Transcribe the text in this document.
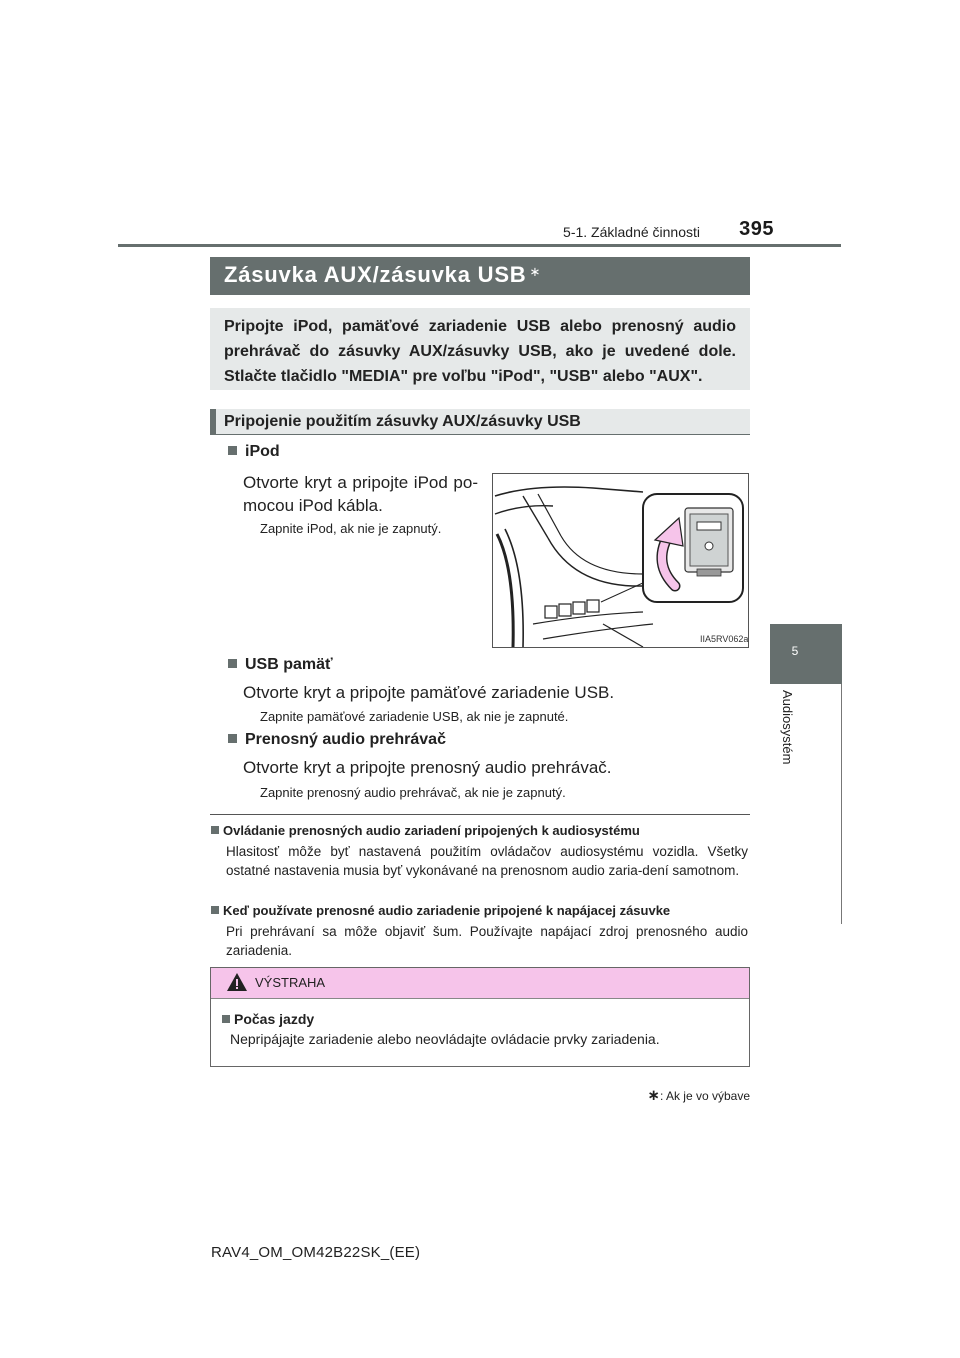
5-1. Základné činnosti	395
5
Audiosystém
Zásuvka AUX/zásuvka USB ∗
Pripojte iPod, pamäťové zariadenie USB alebo prenosný audio prehrávač do zásuvky AUX/zásuvky USB, ako je uvedené dole. Stlačte tlačidlo "MEDIA" pre voľbu "iPod", "USB" alebo "AUX".
Pripojenie použitím zásuvky AUX/zásuvky USB
iPod
Otvorte kryt a pripojte iPod po-
mocou iPod kábla.
Zapnite iPod, ak nie je zapnutý.
IIA5RV062a
USB pamäť
Otvorte kryt a pripojte pamäťové zariadenie USB.
Zapnite pamäťové zariadenie USB, ak nie je zapnuté.
Prenosný audio prehrávač
Otvorte kryt a pripojte prenosný audio prehrávač.
Zapnite prenosný audio prehrávač, ak nie je zapnutý.
Ovládanie prenosných audio zariadení pripojených k audiosystému
Hlasitosť môže byť nastavená použitím ovládačov audiosystému vozidla. Všetky ostatné nastavenia musia byť vykonávané na prenosnom audio zaria-dení samotnom.
Keď používate prenosné audio zariadenie pripojené k napájacej zásuvke
Pri prehrávaní sa môže objaviť šum. Používajte napájací zdroj prenosného audio zariadenia.
VÝSTRAHA
Počas jazdy
Nepripájajte zariadenie alebo neovládajte ovládacie prvky zariadenia.
∗: Ak je vo výbave
RAV4_OM_OM42B22SK_(EE)
